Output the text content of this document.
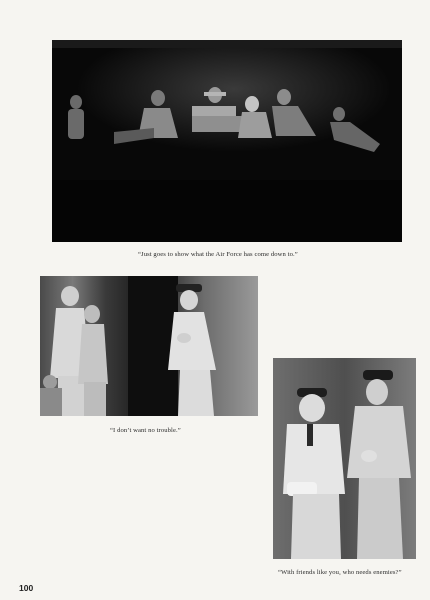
“Just goes to show what the Air Force has come down to.”
“I don’t want no trouble.”
“With friends like you, who needs enemies?”
100
